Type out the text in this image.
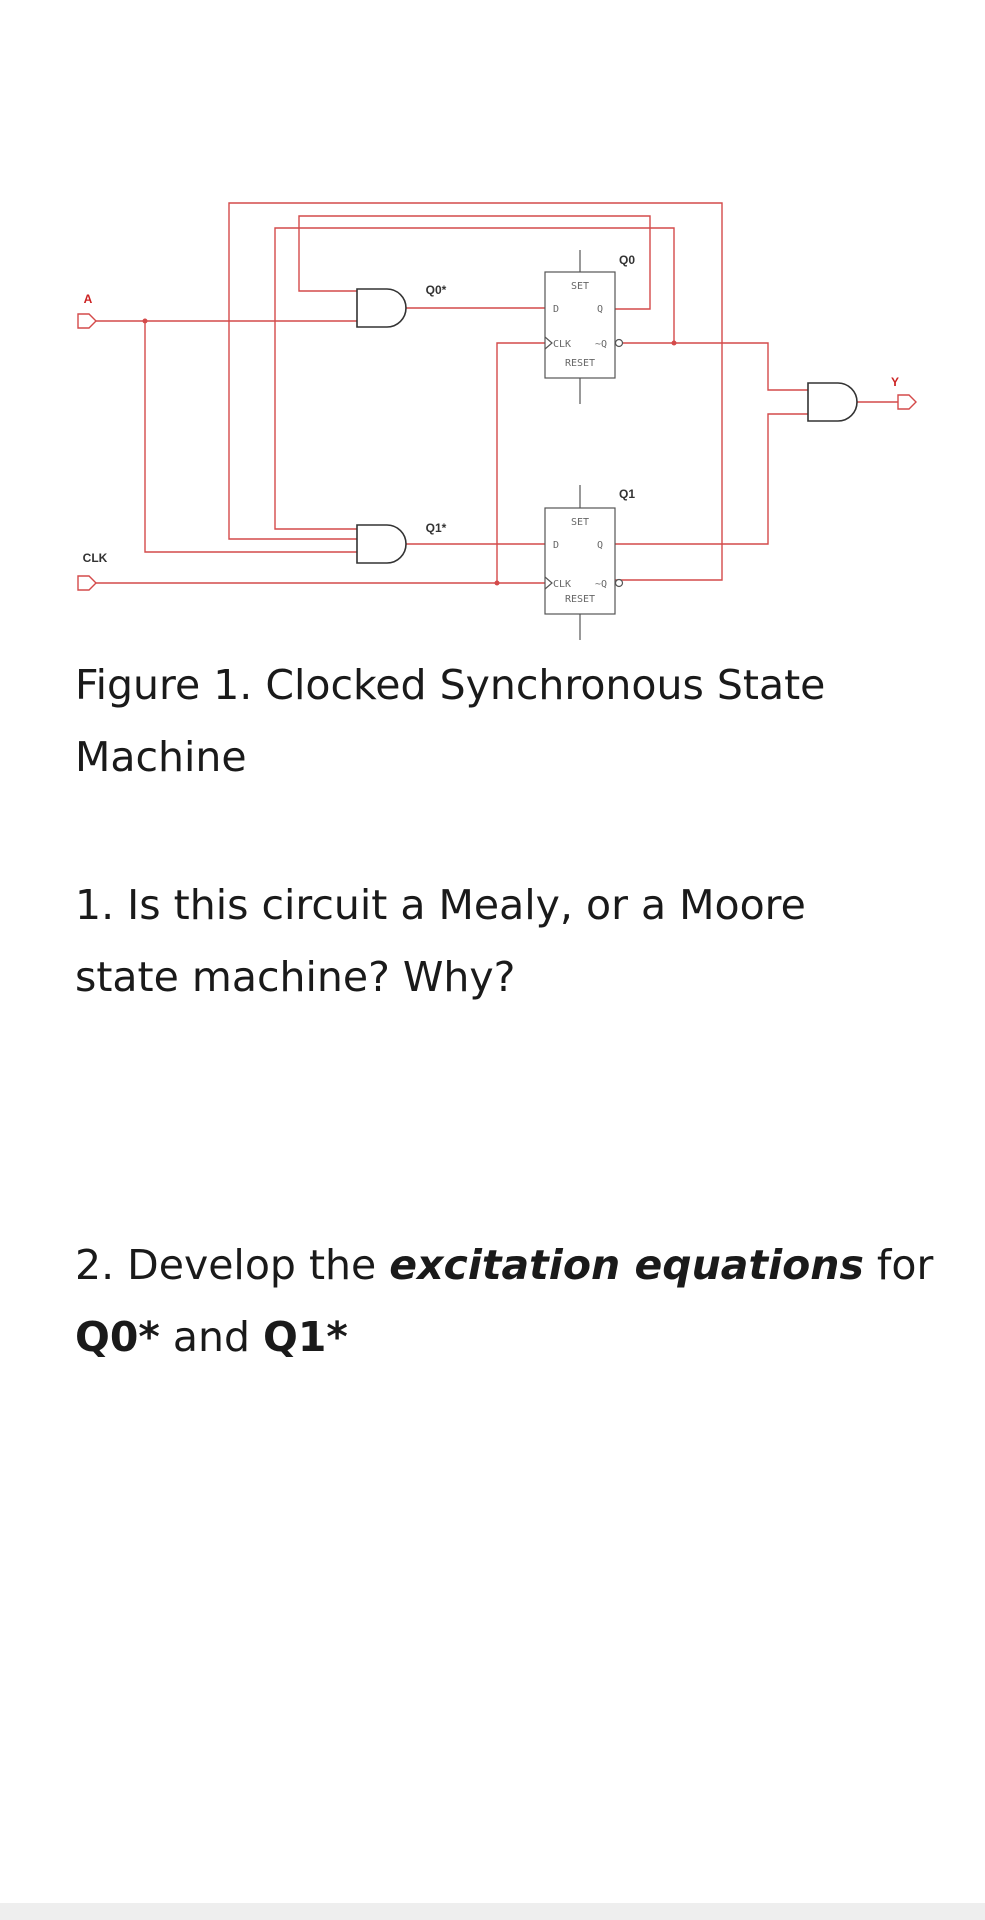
A
CLK
Y
Q0*
Q1*
Q0
Q1
SET
D	Q
CLK ~Q
RESET
SET
D	Q
CLK ~Q
RESET

Figure 1. Clocked Synchronous State Machine

1. Is this circuit a Mealy, or a Moore state machine? Why?

2. Develop the excitation equations for Q0* and Q1*
